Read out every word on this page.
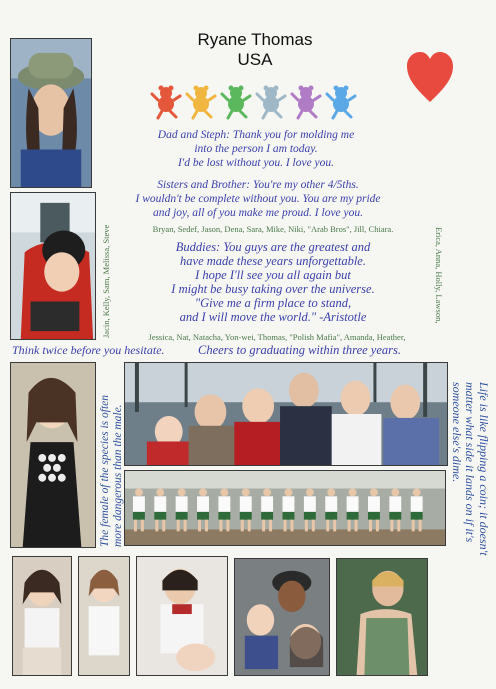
Ryane Thomas
USA
Dad and Steph: Thank you for molding me
into the person I am today.
I'd be lost without you. I love you.
Sisters and Brother: You're my other 4/5ths.
I wouldn't be complete without you. You are my pride
and joy, all of you make me proud. I love you.
Bryan, Sedef, Jason, Dena, Sara, Mike, Niki, "Arab Bros", Jill, Chiara.
Buddies: You guys are the greatest and
have made these years unforgettable.
I hope I'll see you all again but
I might be busy taking over the universe.
"Give me a firm place to stand,
and I will move the world." -Aristotle
Jacin, Kelly, Sam, Melissa, Steve	Erica, Anna, Holly, Lawson,
Jessica, Nat, Natacha, Yon-wei, Thomas, "Polish Mafia", Amanda, Heather,
Think twice before you hesitate.	Cheers to graduating within three years.
The female of the species is often more dangerous than the male.	Life is like flipping a coin; it doesn't
matter what side it lands on if it's
someone else's dime.
